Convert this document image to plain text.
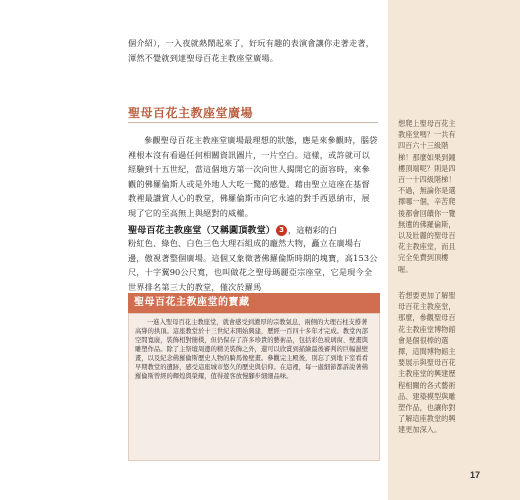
個介紹），一入夜就熱鬧起來了，好玩有趣的表演會讓你走著走著，渾然不覺就到達聖母百花主教座堂廣場。
聖母百花主教座堂廣場
參觀聖母百花主教座堂廣場最理想的狀態，應是來參觀時，腦袋裡根本沒有看過任何相關資訊圖片，一片空白。這樣，或許就可以經驗到十五世紀，當這個地方第一次向世人揭開它的面容時，來參觀的佛羅倫斯人或是外地人大吃一驚的感覺。藉由聖立這座在基督教裡最讚賞人心的教堂，佛羅倫斯市向它永遠的對手西恩納市，展現了它的至高無上與絕對的威權。
聖母百花主教座堂（又稱圓頂教堂） 3 ，這精彩的白
粉紅色、綠色、白色三色大理石組成的龐然大物，矗立在廣場右邊，傲視著整個廣場。這個又象徵著佛羅倫斯時期的塊寶，高153公尺，十字翼90公尺寬，也叫做花之聖母瑪麗亞宗座堂，它是現今全世界排名第三大的教堂，僅次於羅馬
聖母百花主教座堂的寶藏

一進入聖母百花主教座堂，就會感受到濃厚的宗教氣息，兩側的大理石柱支撐著高聳的拱頂。這座教堂於十三世紀末開始興建，歷經一百四十多年才完成。教堂內部空間寬廣，裝飾相對簡樸，但仍保存了許多珍貴的藝術品，包括彩色玻璃窗、壁畫與雕塑作品。除了主祭壇周邊的精美裝飾之外，還可以欣賞到描繪最後審判的巨幅濕壁畫，以及紀念佛羅倫斯歷史人物的騎馬像壁畫。參觀完主殿後，別忘了到地下室看看早期教堂的遺跡，感受這座城市悠久的歷史與信仰。在這裡，每一處細節都訴說著佛羅倫斯曾經的輝煌與榮耀，值得遊客放慢腳步細細品味。

想爬上聖母百花主教座堂嗎？一共有四百六十三級階梯！那麼如果到鐘樓頂端呢？則是四百一十四級階梯！不過，無論你是選擇哪一個，辛苦爬後都會回饋你一覽無遺的佛羅倫斯，以及壯麗的聖母百花主教座堂，而且完全免費到頂樓喔。
若想要更加了解聖母百花主教座堂，那麼，參觀聖母百花主教座堂博物館會是個很棒的選擇，這間博物館主要展示與聖母百花主教座堂的興建歷程相關的各式藝術品、建築模型與雕塑作品，也讓你對了解這座教堂的興建更加深入。
17
